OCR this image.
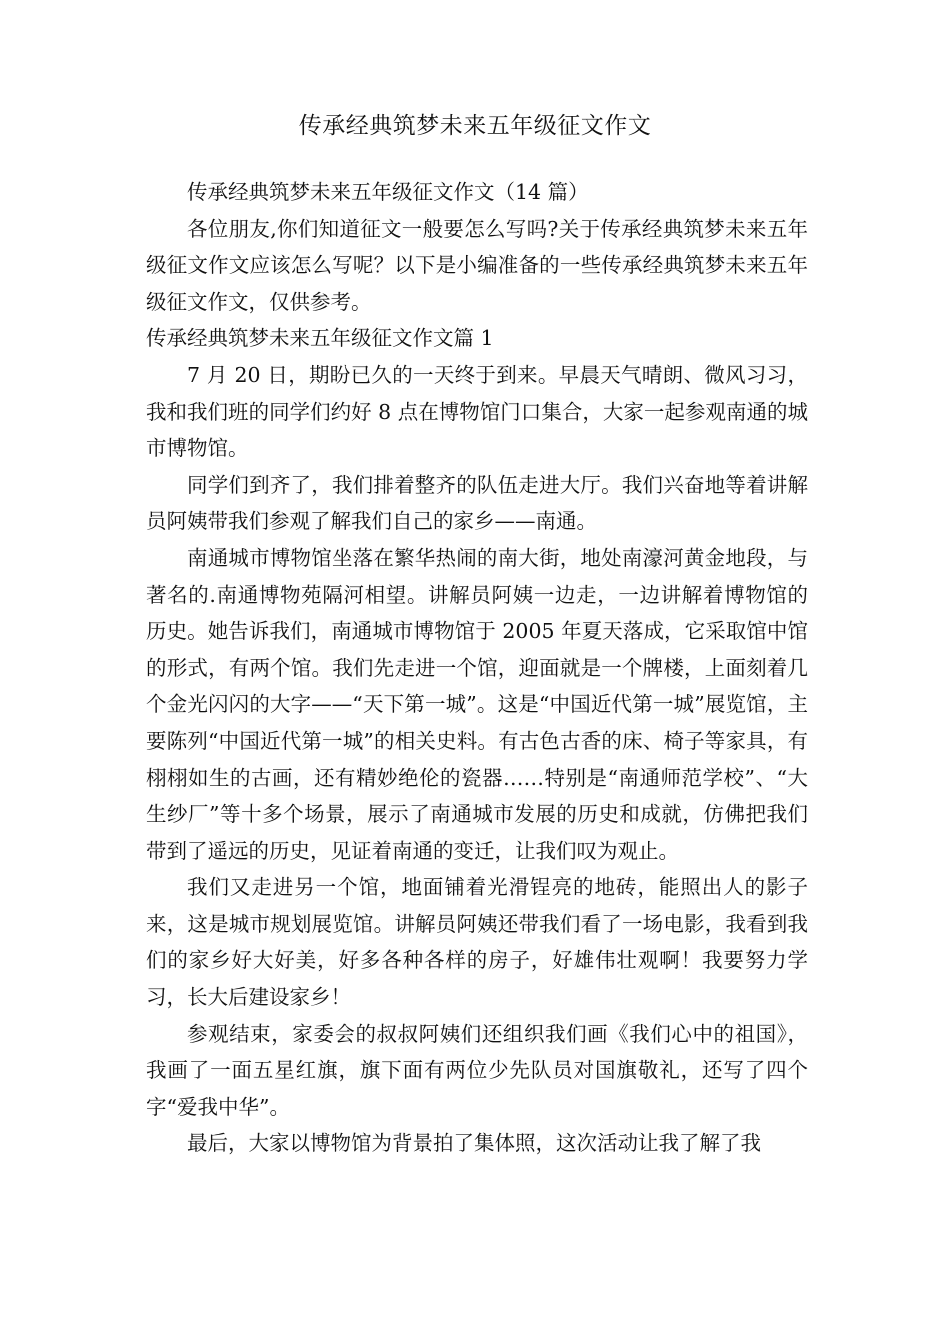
传承经典筑梦未来五年级征文作文

传承经典筑梦未来五年级征文作文（14 篇）

各位朋友,你们知道征文一般要怎么写吗?关于传承经典筑梦未来五年级征文作文应该怎么写呢？以下是小编准备的一些传承经典筑梦未来五年级征文作文，仅供参考。

传承经典筑梦未来五年级征文作文篇 1

7 月 20 日，期盼已久的一天终于到来。早晨天气晴朗、微风习习，我和我们班的同学们约好 8 点在博物馆门口集合，大家一起参观南通的城市博物馆。

同学们到齐了，我们排着整齐的队伍走进大厅。我们兴奋地等着讲解员阿姨带我们参观了解我们自己的家乡——南通。

南通城市博物馆坐落在繁华热闹的南大街，地处南濠河黄金地段，与著名的.南通博物苑隔河相望。讲解员阿姨一边走，一边讲解着博物馆的历史。她告诉我们，南通城市博物馆于 2005 年夏天落成，它采取馆中馆的形式，有两个馆。我们先走进一个馆，迎面就是一个牌楼，上面刻着几个金光闪闪的大字——“天下第一城”。这是“中国近代第一城”展览馆，主要陈列“中国近代第一城”的相关史料。有古色古香的床、椅子等家具，有栩栩如生的古画，还有精妙绝伦的瓷器……特别是“南通师范学校”、“大生纱厂”等十多个场景，展示了南通城市发展的历史和成就，仿佛把我们带到了遥远的历史，见证着南通的变迁，让我们叹为观止。

我们又走进另一个馆，地面铺着光滑锃亮的地砖，能照出人的影子来，这是城市规划展览馆。讲解员阿姨还带我们看了一场电影，我看到我们的家乡好大好美，好多各种各样的房子，好雄伟壮观啊！我要努力学习，长大后建设家乡！

参观结束，家委会的叔叔阿姨们还组织我们画《我们心中的祖国》，我画了一面五星红旗，旗下面有两位少先队员对国旗敬礼，还写了四个字“爱我中华”。

最后，大家以博物馆为背景拍了集体照，这次活动让我了解了我
